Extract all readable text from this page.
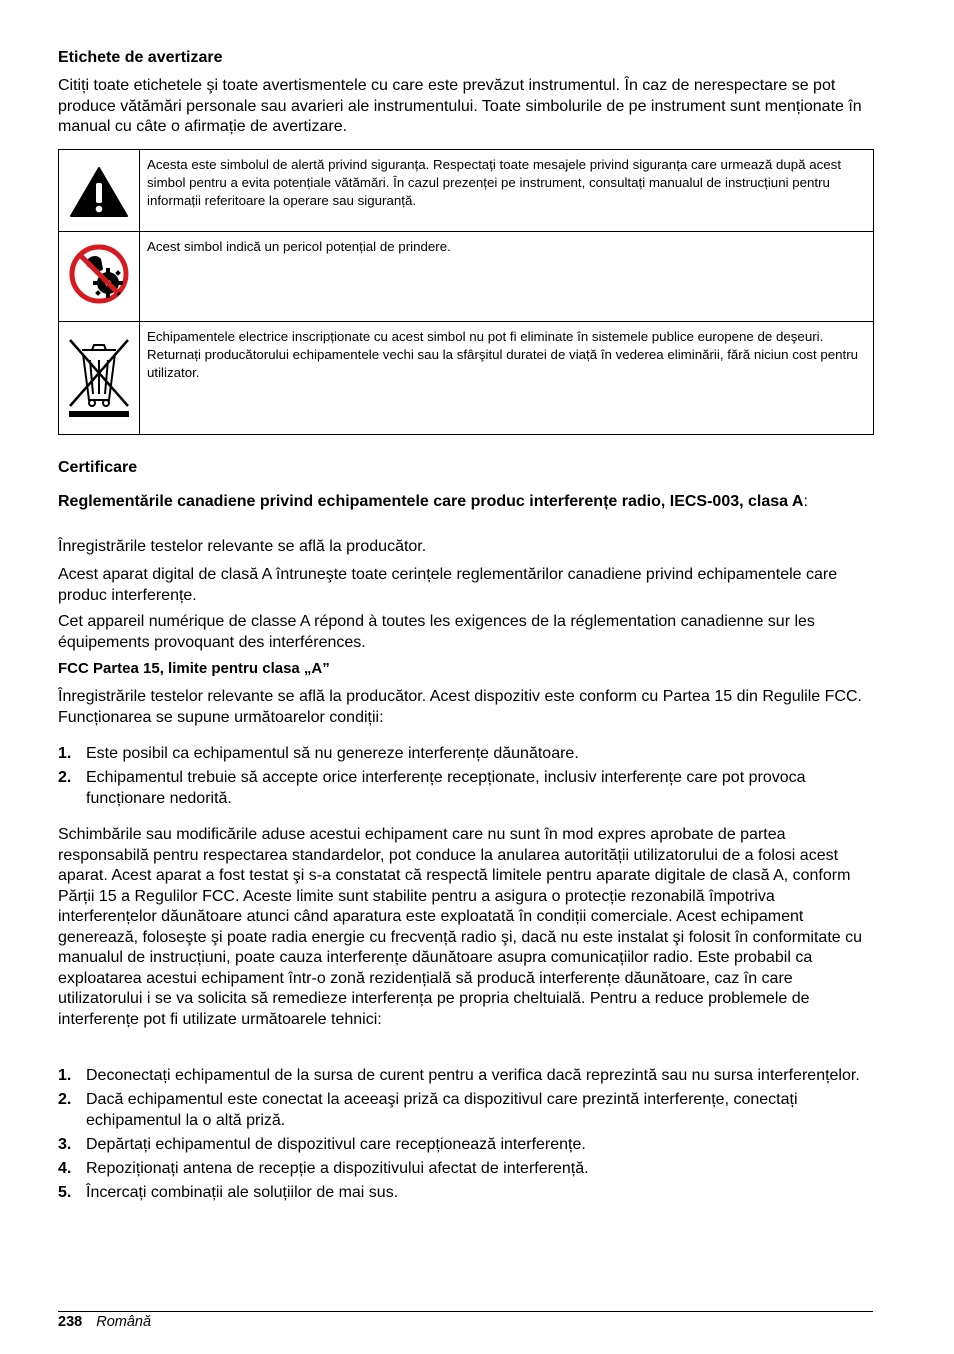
Etichete de avertizare

Citiți toate etichetele şi toate avertismentele cu care este prevăzut instrumentul. În caz de nerespectare se pot produce vătămări personale sau avarieri ale instrumentului. Toate simbolurile de pe instrument sunt menționate în manual cu câte o afirmație de avertizare.

	Acesta este simbolul de alertă privind siguranța. Respectați toate mesajele privind siguranța care urmează după acest simbol pentru a evita potențiale vătămări. În cazul prezenței pe instrument, consultați manualul de instrucțiuni pentru informații referitoare la operare sau siguranță.
	Acest simbol indică un pericol potențial de prindere.
	Echipamentele electrice inscripționate cu acest simbol nu pot fi eliminate în sistemele publice europene de deşeuri. Returnați producătorului echipamentele vechi sau la sfârşitul duratei de viață în vederea eliminării, fără niciun cost pentru utilizator.
Certificare

Reglementările canadiene privind echipamentele care produc interferențe radio, IECS-003, clasa A:

Înregistrările testelor relevante se află la producător.

Acest aparat digital de clasă A întruneşte toate cerințele reglementărilor canadiene privind echipamentele care produc interferențe.

Cet appareil numérique de classe A répond à toutes les exigences de la réglementation canadienne sur les équipements provoquant des interférences.

FCC Partea 15, limite pentru clasa „A”

Înregistrările testelor relevante se află la producător. Acest dispozitiv este conform cu Partea 15 din Regulile FCC. Funcționarea se supune următoarelor condiții:

1. Este posibil ca echipamentul să nu genereze interferențe dăunătoare.
2. Echipamentul trebuie să accepte orice interferențe recepționate, inclusiv interferențe care pot provoca funcționare nedorită.

Schimbările sau modificările aduse acestui echipament care nu sunt în mod expres aprobate de partea responsabilă pentru respectarea standardelor, pot conduce la anularea autorității utilizatorului de a folosi acest aparat. Acest aparat a fost testat şi s-a constatat că respectă limitele pentru aparate digitale de clasă A, conform Părții 15 a Regulilor FCC. Aceste limite sunt stabilite pentru a asigura o protecție rezonabilă împotriva interferențelor dăunătoare atunci când aparatura este exploatată în condiții comerciale. Acest echipament generează, foloseşte şi poate radia energie cu frecvență radio şi, dacă nu este instalat şi folosit în conformitate cu manualul de instrucțiuni, poate cauza interferențe dăunătoare asupra comunicațiilor radio. Este probabil ca exploatarea acestui echipament într-o zonă rezidențială să producă interferențe dăunătoare, caz în care utilizatorului i se va solicita să remedieze interferența pe propria cheltuială. Pentru a reduce problemele de interferențe pot fi utilizate următoarele tehnici:

1. Deconectați echipamentul de la sursa de curent pentru a verifica dacă reprezintă sau nu sursa interferențelor.
2. Dacă echipamentul este conectat la aceeaşi priză ca dispozitivul care prezintă interferențe, conectați echipamentul la o altă priză.
3. Depărtați echipamentul de dispozitivul care recepționează interferențe.
4. Repoziționați antena de recepție a dispozitivului afectat de interferență.
5. Încercați combinații ale soluțiilor de mai sus.
238 Română
